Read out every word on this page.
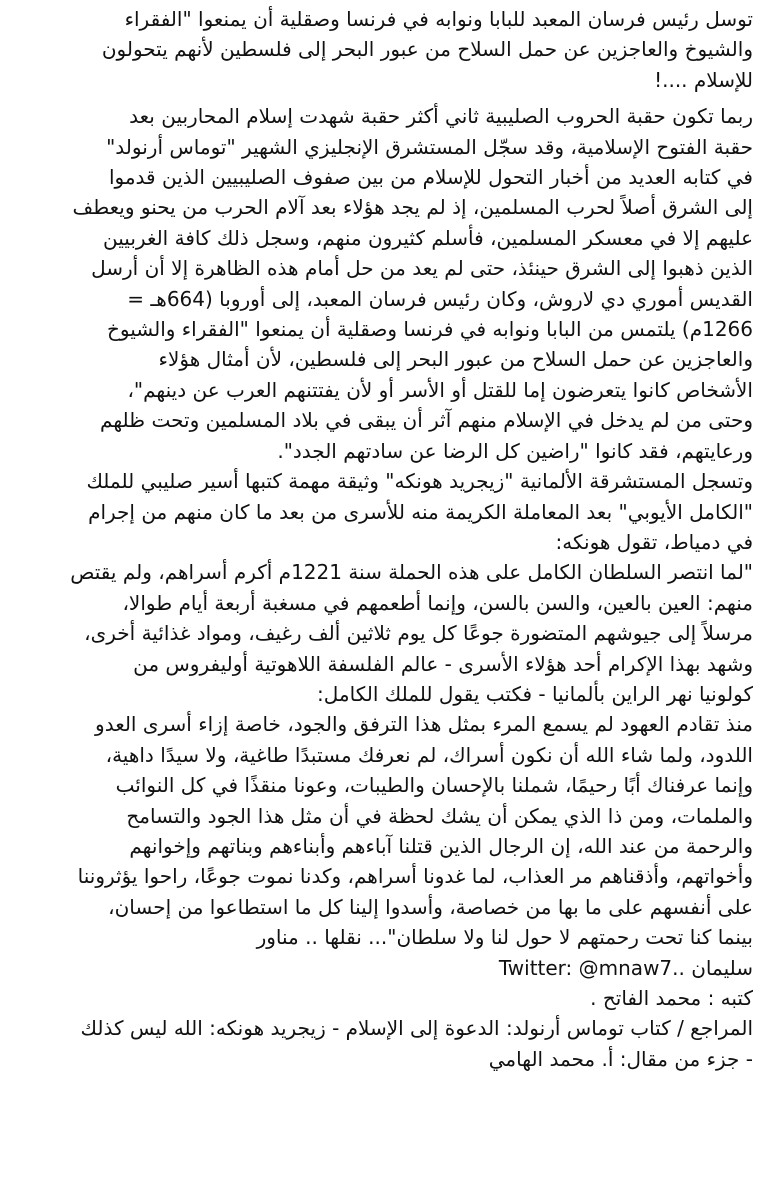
توسل رئيس فرسان المعبد للبابا ونوابه في فرنسا وصقلية أن يمنعوا "الفقراء
والشيوخ والعاجزين عن حمل السلاح من عبور البحر إلى فلسطين لأنهم يتحولون
للإسلام ....!
ربما تكون حقبة الحروب الصليبية ثاني أكثر حقبة شهدت إسلام المحاربين بعد
حقبة الفتوح الإسلامية، وقد سجّل المستشرق الإنجليزي الشهير "توماس أرنولد"
في كتابه العديد من أخبار التحول للإسلام من بين صفوف الصليبيين الذين قدموا
إلى الشرق أصلاً لحرب المسلمين، إذ لم يجد هؤلاء بعد آلام الحرب من يحنو ويعطف
عليهم إلا في معسكر المسلمين، فأسلم كثيرون منهم، وسجل ذلك كافة الغربيين
الذين ذهبوا إلى الشرق حينئذ، حتى لم يعد من حل أمام هذه الظاهرة إلا أن أرسل
القديس أموري دي لاروش، وكان رئيس فرسان المعبد، إلى أوروبا (664هـ =
1266م) يلتمس من البابا ونوابه في فرنسا وصقلية أن يمنعوا "الفقراء والشيوخ
والعاجزين عن حمل السلاح من عبور البحر إلى فلسطين، لأن أمثال هؤلاء
الأشخاص كانوا يتعرضون إما للقتل أو الأسر أو لأن يفتتنهم العرب عن دينهم"،
وحتى من لم يدخل في الإسلام منهم آثر أن يبقى في بلاد المسلمين وتحت ظلهم
ورعايتهم، فقد كانوا "راضين كل الرضا عن سادتهم الجدد".
وتسجل المستشرقة الألمانية "زيجريد هونكه" وثيقة مهمة كتبها أسير صليبي للملك
"الكامل الأيوبي" بعد المعاملة الكريمة منه للأسرى من بعد ما كان منهم من إجرام
في دمياط، تقول هونكه:
"لما انتصر السلطان الكامل على هذه الحملة سنة 1221م أكرم أسراهم، ولم يقتص
منهم: العين بالعين، والسن بالسن، وإنما أطعمهم في مسغبة أربعة أيام طوالا،
مرسلاً إلى جيوشهم المتضورة جوعًا كل يوم ثلاثين ألف رغيف، ومواد غذائية أخرى،
وشهد بهذا الإكرام أحد هؤلاء الأسرى - عالم الفلسفة اللاهوتية أوليفروس من
كولونيا نهر الراين بألمانيا - فكتب يقول للملك الكامل:
منذ تقادم العهود لم يسمع المرء بمثل هذا الترفق والجود، خاصة إزاء أسرى العدو
اللدود، ولما شاء الله أن نكون أسراك، لم نعرفك مستبدًا طاغية، ولا سيدًا داهية،
وإنما عرفناك أبًا رحيمًا، شملنا بالإحسان والطيبات، وعونا منقذًا في كل النوائب
والملمات، ومن ذا الذي يمكن أن يشك لحظة في أن مثل هذا الجود والتسامح
والرحمة من عند الله، إن الرجال الذين قتلنا آباءهم وأبناءهم وبناتهم وإخوانهم
وأخواتهم، وأذقناهم مر العذاب، لما غدونا أسراهم، وكدنا نموت جوعًا، راحوا يؤثروننا
على أنفسهم على ما بها من خصاصة، وأسدوا إلينا كل ما استطاعوا من إحسان،
بينما كنا تحت رحمتهم لا حول لنا ولا سلطان"... نقلها .. مناور
سليمان ..Twitter: @mnaw7
كتبه : محمد الفاتح .
المراجع / كتاب توماس أرنولد: الدعوة إلى الإسلام - زيجريد هونكه: الله ليس كذلك
- جزء من مقال: أ. محمد الهامي
